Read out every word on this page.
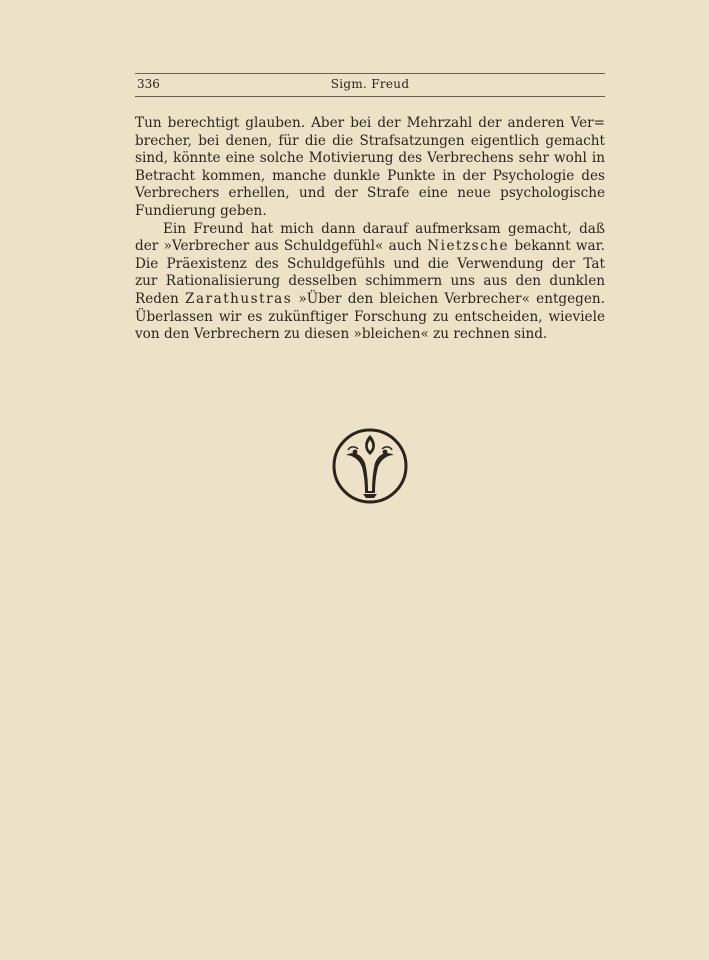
336	Sigm. Freud
Tun berechtigt glauben. Aber bei der Mehrzahl der anderen Ver=
brecher, bei denen, für die die Strafsatzungen eigentlich gemacht
sind, könnte eine solche Motivierung des Verbrechens sehr wohl in
Betracht kommen, manche dunkle Punkte in der Psychologie des
Verbrechers erhellen, und der Strafe eine neue psychologische
Fundierung geben.
Ein Freund hat mich dann darauf aufmerksam gemacht, daß
der »Verbrecher aus Schuldgefühl« auch Nietzsche bekannt war.
Die Präexistenz des Schuldgefühls und die Verwendung der Tat
zur Rationalisierung desselben schimmern uns aus den dunklen
Reden Zarathustras »Über den bleichen Verbrecher« entgegen.
Überlassen wir es zukünftiger Forschung zu entscheiden, wieviele
von den Verbrechern zu diesen »bleichen« zu rechnen sind.
